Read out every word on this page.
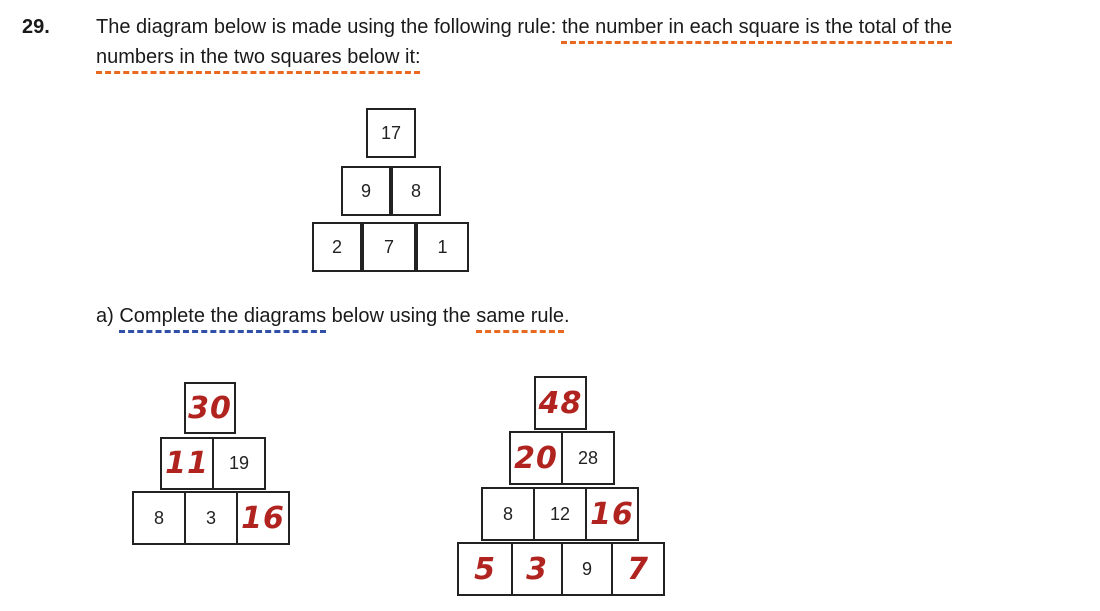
29. The diagram below is made using the following rule: the number in each square is the total of the
numbers in the two squares below it:
17
9	8
2	7	1
a) Complete the diagrams below using the same rule.
30
11	19
8	3 16
48
20	28
8	12 16
5	3	9	7
